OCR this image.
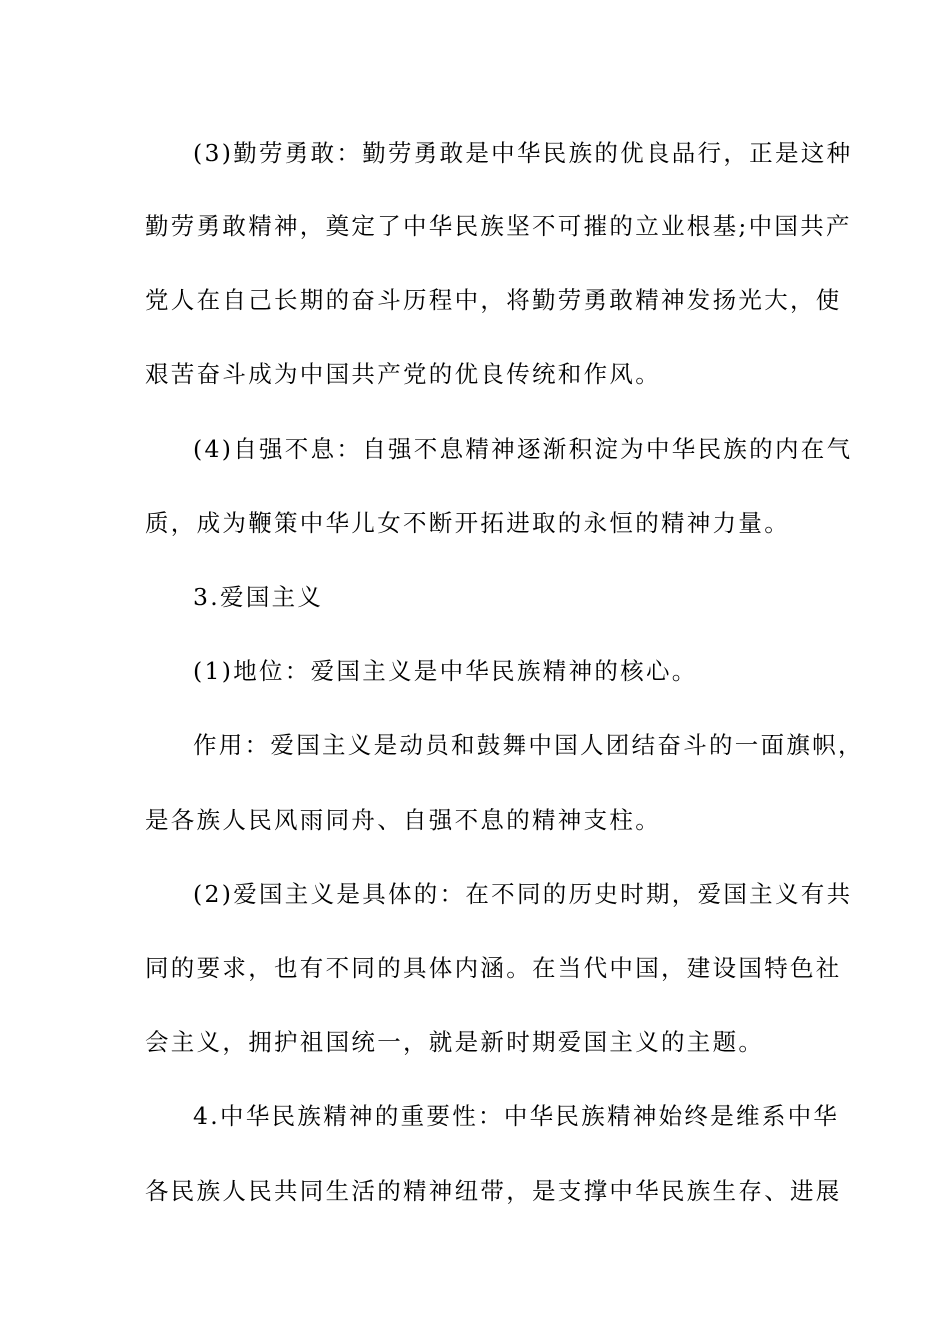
(3)勤劳勇敢：勤劳勇敢是中华民族的优良品行，正是这种
勤劳勇敢精神，奠定了中华民族坚不可摧的立业根基;中国共产
党人在自己长期的奋斗历程中，将勤劳勇敢精神发扬光大，使
艰苦奋斗成为中国共产党的优良传统和作风。
(4)自强不息：自强不息精神逐渐积淀为中华民族的内在气
质，成为鞭策中华儿女不断开拓进取的永恒的精神力量。
3.爱国主义
(1)地位：爱国主义是中华民族精神的核心。
作用：爱国主义是动员和鼓舞中国人团结奋斗的一面旗帜，
是各族人民风雨同舟、自强不息的精神支柱。
(2)爱国主义是具体的：在不同的历史时期，爱国主义有共
同的要求，也有不同的具体内涵。在当代中国，建设国特色社
会主义，拥护祖国统一，就是新时期爱国主义的主题。
4.中华民族精神的重要性：中华民族精神始终是维系中华
各民族人民共同生活的精神纽带，是支撑中华民族生存、进展
